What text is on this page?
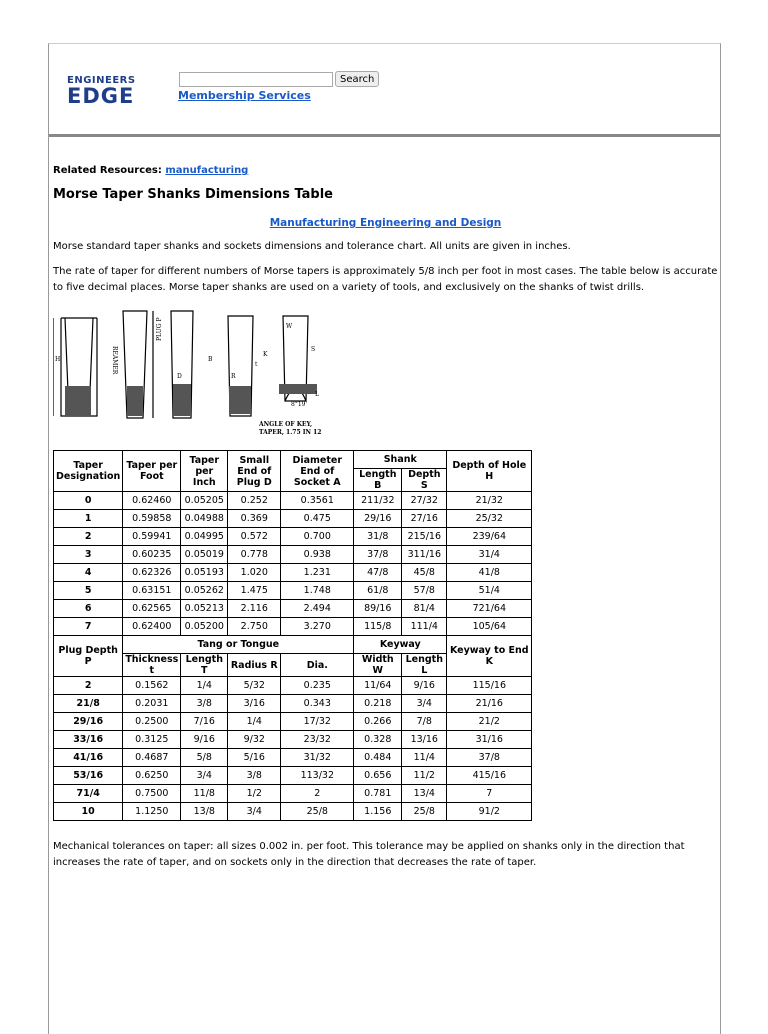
ENGINEERS
EDGE
Search
Membership Services
Related Resources: manufacturing
Morse Taper Shanks Dimensions Table
Manufacturing Engineering and Design
Morse standard taper shanks and sockets dimensions and tolerance chart. All units are given in inches.
The rate of taper for different numbers of Morse tapers is approximately 5/8 inch per foot in most cases. The table below is accurate to five decimal places. Morse taper shanks are used on a variety of tools, and exclusively on the shanks of twist drills.
H	REAMER
PLUG P
D
B
R
t
K
S
W
L
8°19'
ANGLE OF KEY,
TAPER, 1.75 IN 12
Taper Designation	Taper per Foot	Taper per Inch	Small End of Plug D	Diameter End of Socket A	Shank		Depth of Hole H
					Length B	Depth S	
0	0.62460	0.05205	0.252	0.3561	211/32	27/32	21/32
1	0.59858	0.04988	0.369	0.475	29/16	27/16	25/32
2	0.59941	0.04995	0.572	0.700	31/8	215/16	239/64
3	0.60235	0.05019	0.778	0.938	37/8	311/16	31/4
4	0.62326	0.05193	1.020	1.231	47/8	45/8	41/8
5	0.63151	0.05262	1.475	1.748	61/8	57/8	51/4
6	0.62565	0.05213	2.116	2.494	89/16	81/4	721/64
7	0.62400	0.05200	2.750	3.270	115/8	111/4	105/64
Plug Depth P	Tang or Tongue				Keyway		Keyway to End K
	Thickness t	Length T	Radius R	Dia.	Width W	Length L	
2	0.1562	1/4	5/32	0.235	11/64	9/16	115/16
21/8	0.2031	3/8	3/16	0.343	0.218	3/4	21/16
29/16	0.2500	7/16	1/4	17/32	0.266	7/8	21/2
33/16	0.3125	9/16	9/32	23/32	0.328	13/16	31/16
41/16	0.4687	5/8	5/16	31/32	0.484	11/4	37/8
53/16	0.6250	3/4	3/8	113/32	0.656	11/2	415/16
71/4	0.7500	11/8	1/2	2	0.781	13/4	7
10	1.1250	13/8	3/4	25/8	1.156	25/8	91/2
Mechanical tolerances on taper: all sizes 0.002 in. per foot. This tolerance may be applied on shanks only in the direction that increases the rate of taper, and on sockets only in the direction that decreases the rate of taper.
